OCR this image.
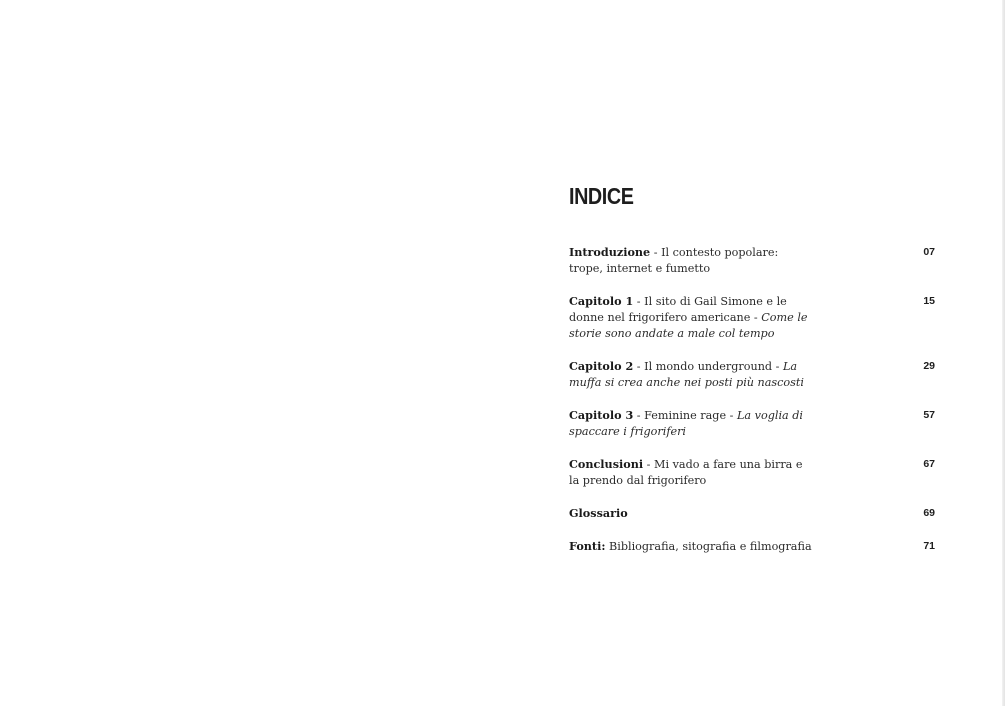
INDICE
Introduzione - Il contesto popolare: trope, internet e fumetto
07
Capitolo 1 - Il sito di Gail Simone e le donne nel frigorifero americane - Come le storie sono andate a male col tempo
15
Capitolo 2 - Il mondo underground - La muffa si crea anche nei posti più nascosti
29
Capitolo 3 - Feminine rage - La voglia di spaccare i frigoriferi
57
Conclusioni - Mi vado a fare una birra e la prendo dal frigorifero
67
Glossario	69
Fonti: Bibliografia, sitografia e filmografia	71
